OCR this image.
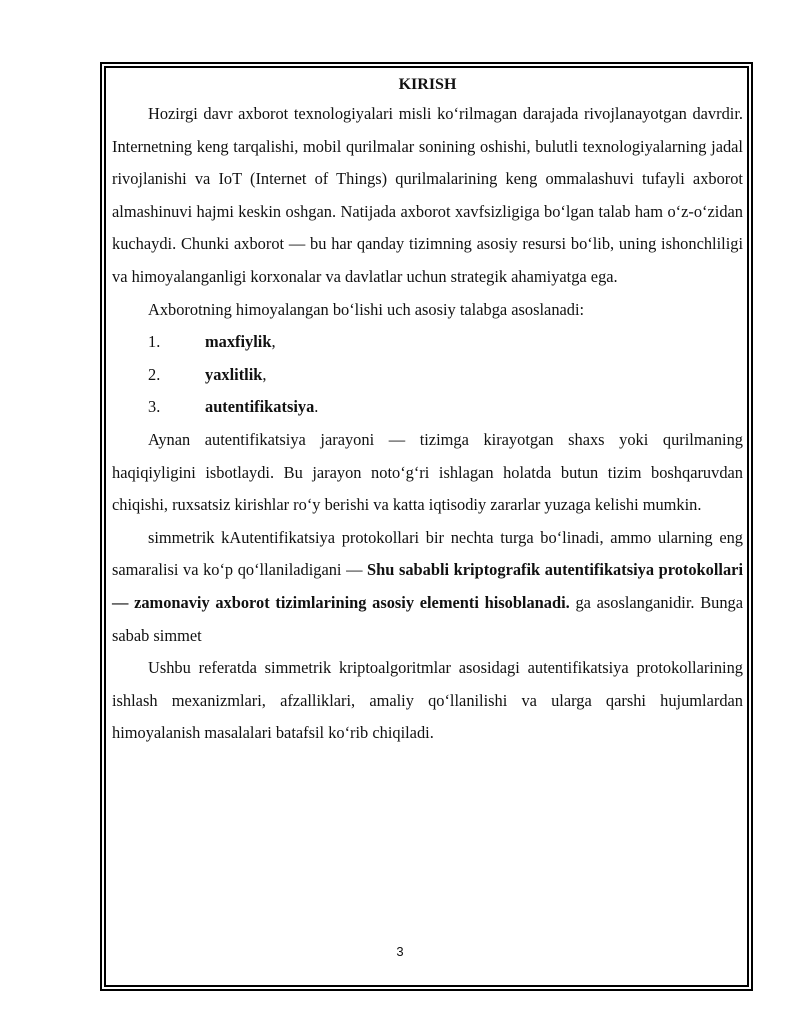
KIRISH

Hozirgi davr axborot texnologiyalari misli ko‘rilmagan darajada rivojlanayotgan davrdir. Internetning keng tarqalishi, mobil qurilmalar sonining oshishi, bulutli texnologiyalarning jadal rivojlanishi va IoT (Internet of Things) qurilmalarining keng ommalashuvi tufayli axborot almashinuvi hajmi keskin oshgan. Natijada axborot xavfsizligiga bo‘lgan talab ham o‘z-o‘zidan kuchaydi. Chunki axborot — bu har qanday tizimning asosiy resursi bo‘lib, uning ishonchliligi va himoyalanganligi korxonalar va davlatlar uchun strategik ahamiyatga ega.

Axborotning himoyalangan bo‘lishi uch asosiy talabga asoslanadi:

1.	maxfiylik ,
2.	yaxlitlik ,
3.	autentifikatsiya .

Aynan autentifikatsiya jarayoni — tizimga kirayotgan shaxs yoki qurilmaning haqiqiyligini isbotlaydi. Bu jarayon noto‘g‘ri ishlagan holatda butun tizim boshqaruvdan chiqishi, ruxsatsiz kirishlar ro‘y berishi va katta iqtisodiy zararlar yuzaga kelishi mumkin.

simmetrik kAutentifikatsiya protokollari bir nechta turga bo‘linadi, ammo ularning eng samaralisi va ko‘p qo‘llaniladigani — Shu sababli kriptografik autentifikatsiya protokollari — zamonaviy axborot tizimlarining asosiy elementi hisoblanadi. ga asoslanganidir. Bunga sabab simmet

Ushbu referatda simmetrik kriptoalgoritmlar asosidagi autentifikatsiya protokollarining ishlash mexanizmlari, afzalliklari, amaliy qo‘llanilishi va ularga qarshi hujumlardan himoyalanish masalalari batafsil ko‘rib chiqiladi.

3
